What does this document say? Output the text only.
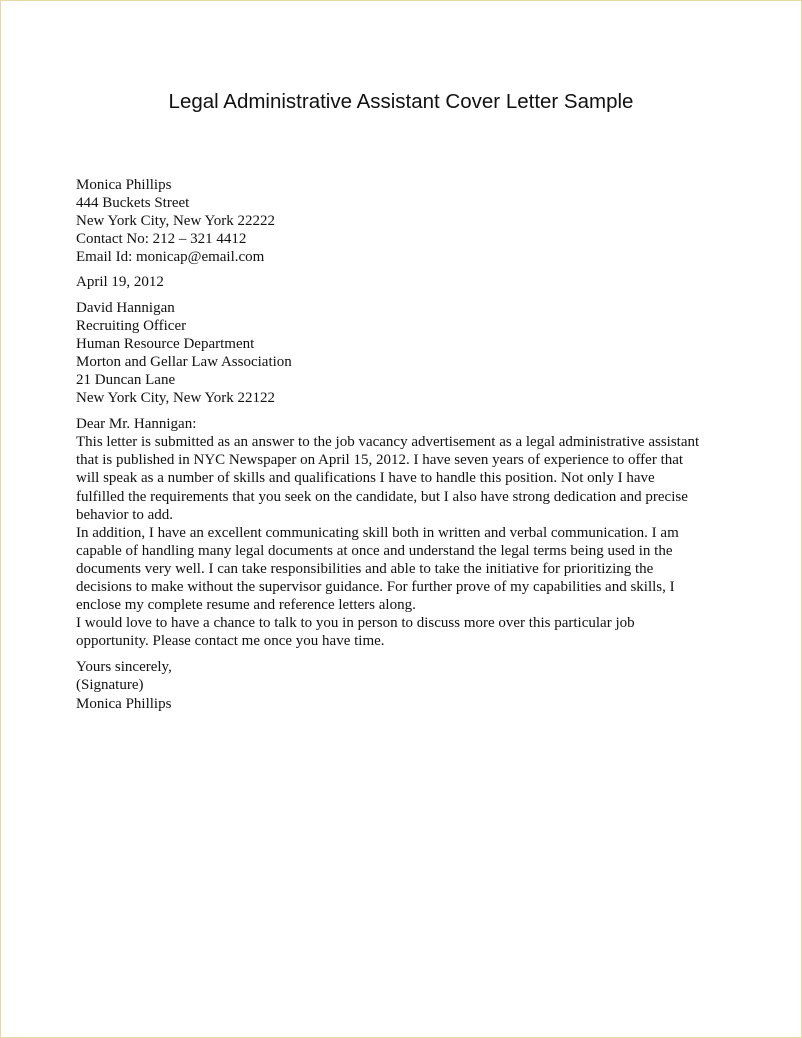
Legal Administrative Assistant Cover Letter Sample
Monica Phillips
444 Buckets Street
New York City, New York 22222
Contact No: 212 – 321 4412
Email Id: monicap@email.com
April 19, 2012
David Hannigan
Recruiting Officer
Human Resource Department
Morton and Gellar Law Association
21 Duncan Lane
New York City, New York 22122
Dear Mr. Hannigan:
This letter is submitted as an answer to the job vacancy advertisement as a legal administrative assistant
that is published in NYC Newspaper on April 15, 2012. I have seven years of experience to offer that
will speak as a number of skills and qualifications I have to handle this position. Not only I have
fulfilled the requirements that you seek on the candidate, but I also have strong dedication and precise
behavior to add.
In addition, I have an excellent communicating skill both in written and verbal communication. I am
capable of handling many legal documents at once and understand the legal terms being used in the
documents very well. I can take responsibilities and able to take the initiative for prioritizing the
decisions to make without the supervisor guidance. For further prove of my capabilities and skills, I
enclose my complete resume and reference letters along.
I would love to have a chance to talk to you in person to discuss more over this particular job
opportunity. Please contact me once you have time.
Yours sincerely,
(Signature)
Monica Phillips
